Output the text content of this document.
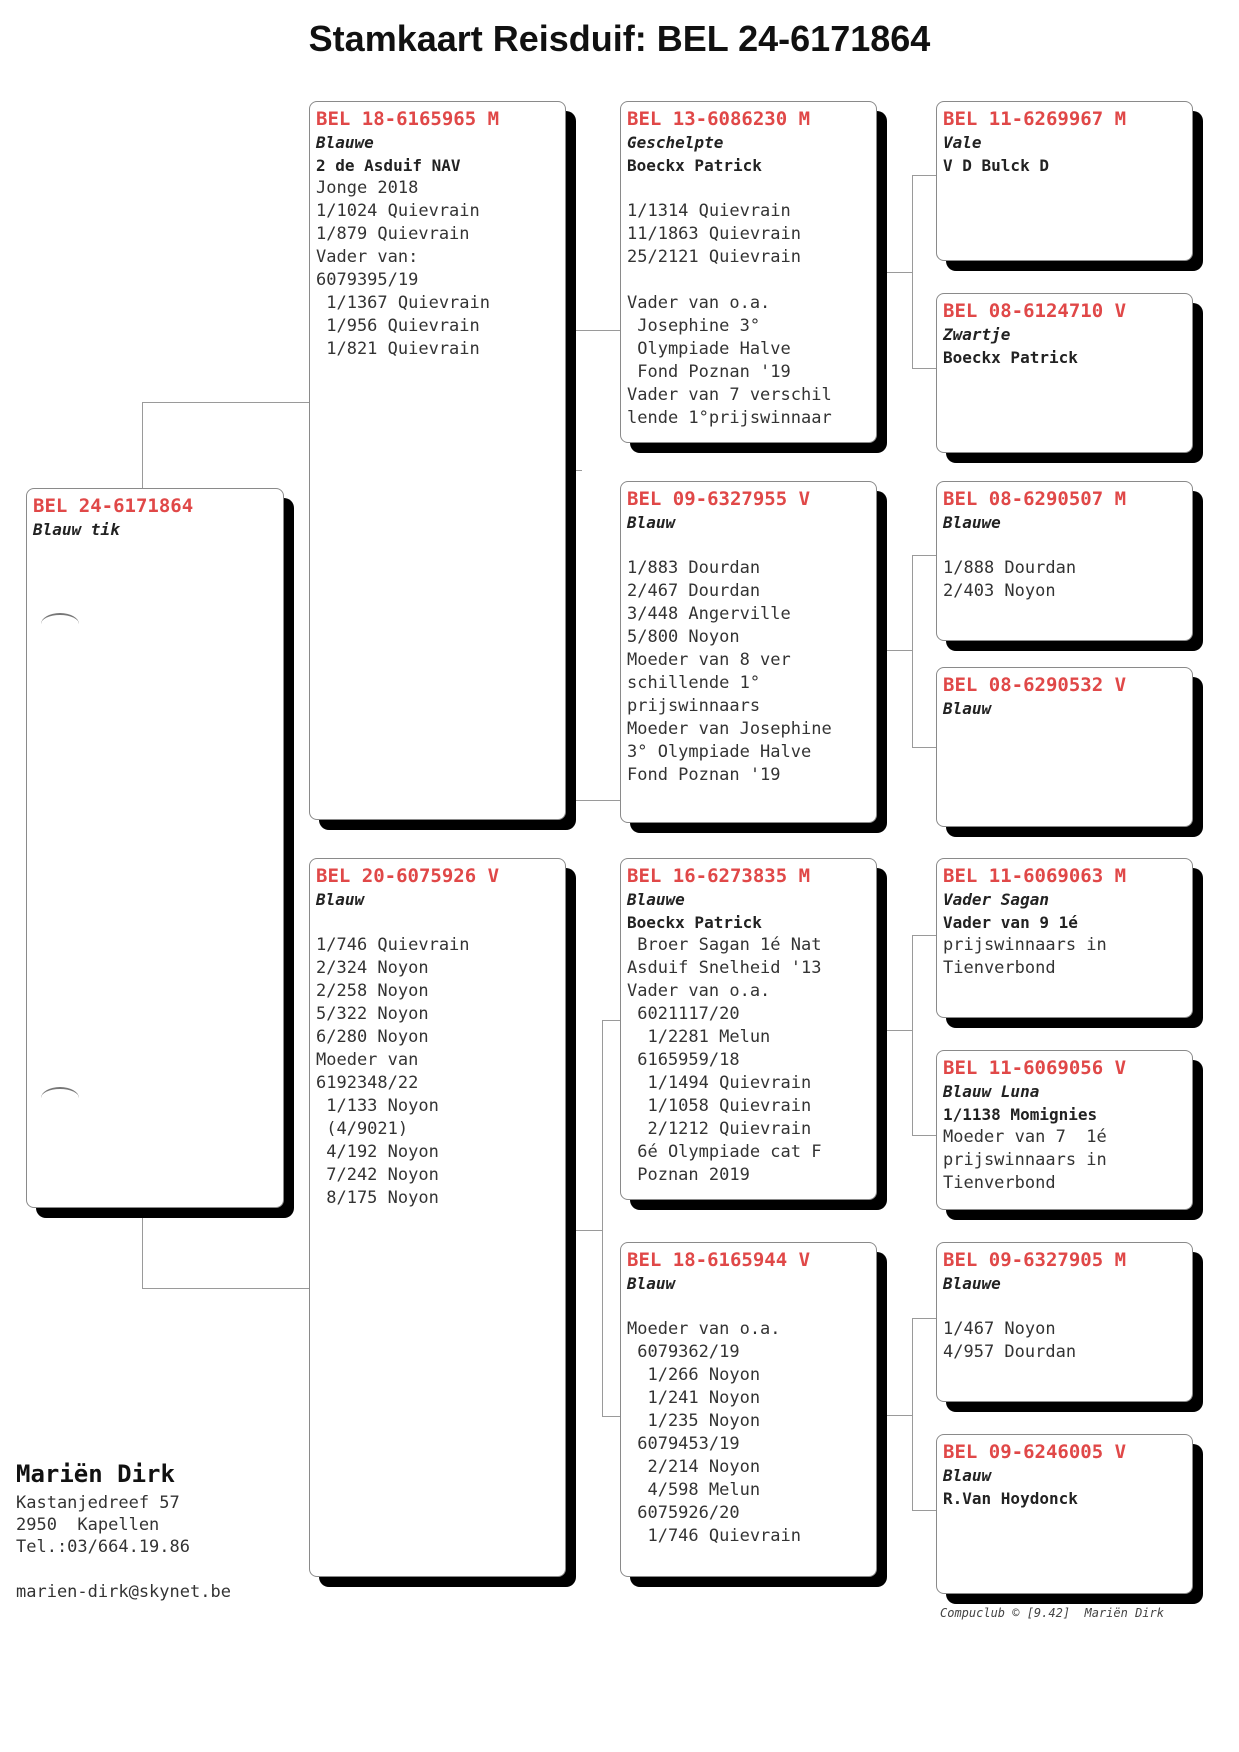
Stamkaart Reisduif: BEL 24-6171864
BEL 24-6171864
Blauw tik
BEL 18-6165965 M
Blauwe
2 de Asduif NAV
Jonge 2018
1/1024 Quievrain
1/879 Quievrain
Vader van:
6079395/19
1/1367 Quievrain
1/956 Quievrain
1/821 Quievrain
BEL 20-6075926 V
Blauw
1/746 Quievrain
2/324 Noyon
2/258 Noyon
5/322 Noyon
6/280 Noyon
Moeder van
6192348/22
1/133 Noyon
(4/9021)
4/192 Noyon
7/242 Noyon
8/175 Noyon
BEL 13-6086230 M
Geschelpte
Boeckx Patrick
1/1314 Quievrain
11/1863 Quievrain
25/2121 Quievrain
Vader van o.a.
Josephine 3°
Olympiade Halve
Fond Poznan '19
Vader van 7 verschil
lende 1°prijswinnaar
BEL 09-6327955 V
Blauw
1/883 Dourdan
2/467 Dourdan
3/448 Angerville
5/800 Noyon
Moeder van 8 ver
schillende 1°
prijswinnaars
Moeder van Josephine
3° Olympiade Halve
Fond Poznan '19
BEL 16-6273835 M
Blauwe
Boeckx Patrick
Broer Sagan 1é Nat
Asduif Snelheid '13
Vader van o.a.
6021117/20
1/2281 Melun
6165959/18
1/1494 Quievrain
1/1058 Quievrain
2/1212 Quievrain
6é Olympiade cat F
Poznan 2019
BEL 18-6165944 V
Blauw
Moeder van o.a.
6079362/19
1/266 Noyon
1/241 Noyon
1/235 Noyon
6079453/19
2/214 Noyon
4/598 Melun
6075926/20
1/746 Quievrain
BEL 11-6269967 M
Vale
V D Bulck D
BEL 08-6124710 V
Zwartje
Boeckx Patrick
BEL 08-6290507 M
Blauwe
1/888 Dourdan
2/403 Noyon
BEL 08-6290532 V
Blauw
BEL 11-6069063 M
Vader Sagan
Vader van 9 1é
prijswinnaars in
Tienverbond
BEL 11-6069056 V
Blauw Luna
1/1138 Momignies
Moeder van 7  1é
prijswinnaars in
Tienverbond
BEL 09-6327905 M
Blauwe
1/467 Noyon
4/957 Dourdan
BEL 09-6246005 V
Blauw
R.Van Hoydonck
Mariën Dirk
Kastanjedreef 57
2950  Kapellen
Tel.:03/664.19.86
marien-dirk@skynet.be
Compuclub © [9.42]  Mariën Dirk
